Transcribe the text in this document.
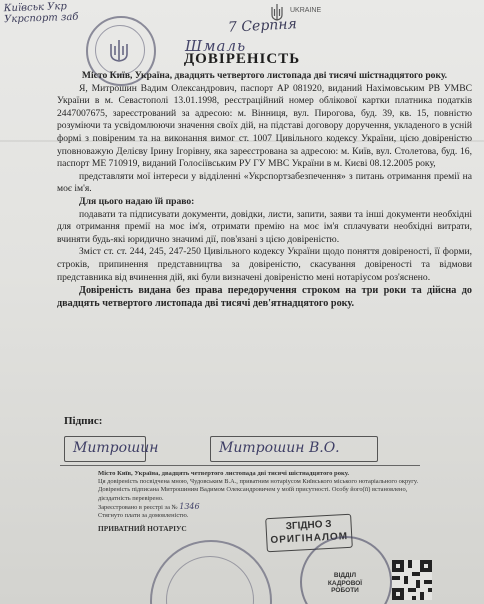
Київськ Укр
Укрспорт заб	7 Серпня
UKRAINE
Шмаль
ДОВІРЕНІСТЬ

Місто Київ, Україна, двадцять четвертого листопада дві тисячі шістнадцятого року.

Я, Митрошин Вадим Олександрович, паспорт АР 081920, виданий Нахімовським РВ УМВС України в м. Севастополі 13.01.1998, реєстраційний номер облікової картки платника податків 2447007675, зареєстрований за адресою: м. Вінниця, вул. Пирогова, буд. 39, кв. 15, повністю розуміючи та усвідомлюючи значення своїх дій, на підставі договору доручення, укладеного в усній формі з повіреним та на виконання вимог ст. 1007 Цивільного кодексу України, цією довіреністю уповноважую Делієву Ірину Ігорівну, яка зареєстрована за адресою: м. Київ, вул. Столетова, буд. 16, паспорт МЕ 710919, виданий Голосіївським РУ ГУ МВС України в м. Києві 08.12.2005 року,

представляти мої інтереси у відділенні «Укрспортзабезпечення» з питань отримання премії на моє ім'я.

Для цього надаю їй право:

подавати та підписувати документи, довідки, листи, запити, заяви та інші документи необхідні для отримання премії на моє ім'я, отримати премію на моє ім'я сплачувати необхідні витрати, вчиняти будь-які юридично значимі дії, пов'язані з цією довіреністю.

Зміст ст. ст. 244, 245, 247-250 Цивільного кодексу України щодо поняття довіреності, її форми, строків, припинення представництва за довіреністю, скасування довіреності та відмови представника від вчинення дій, які були визначені довіреністю мені нотаріусом роз'яснено.

Довіреність видана без права передоручення строком на три роки та дійсна до двадцять четвертого листопада дві тисячі дев'ятнадцятого року.

Підпис:
Митрошин	Митрошин В.О.

Місто Київ, Україна, двадцять четвертого листопада дві тисячі шістнадцятого року.

Ця довіреність посвідчена мною, Чудовським В.А., приватним нотаріусом Київського міського нотаріального округу.

Довіреність підписана Митрошиним Вадимом Олександровичем у моїй присутності. Особу його(її) встановлено, дієздатність перевірено.

Зареєстровано в реєстрі за № 1346

Стягнуто плати за домовленістю.

ПРИВАТНИЙ НОТАРІУС	ЗГІДНО З
ОРИГІНАЛОМ
ВІДДІЛ
КАДРОВОЇ
РОБОТИ
